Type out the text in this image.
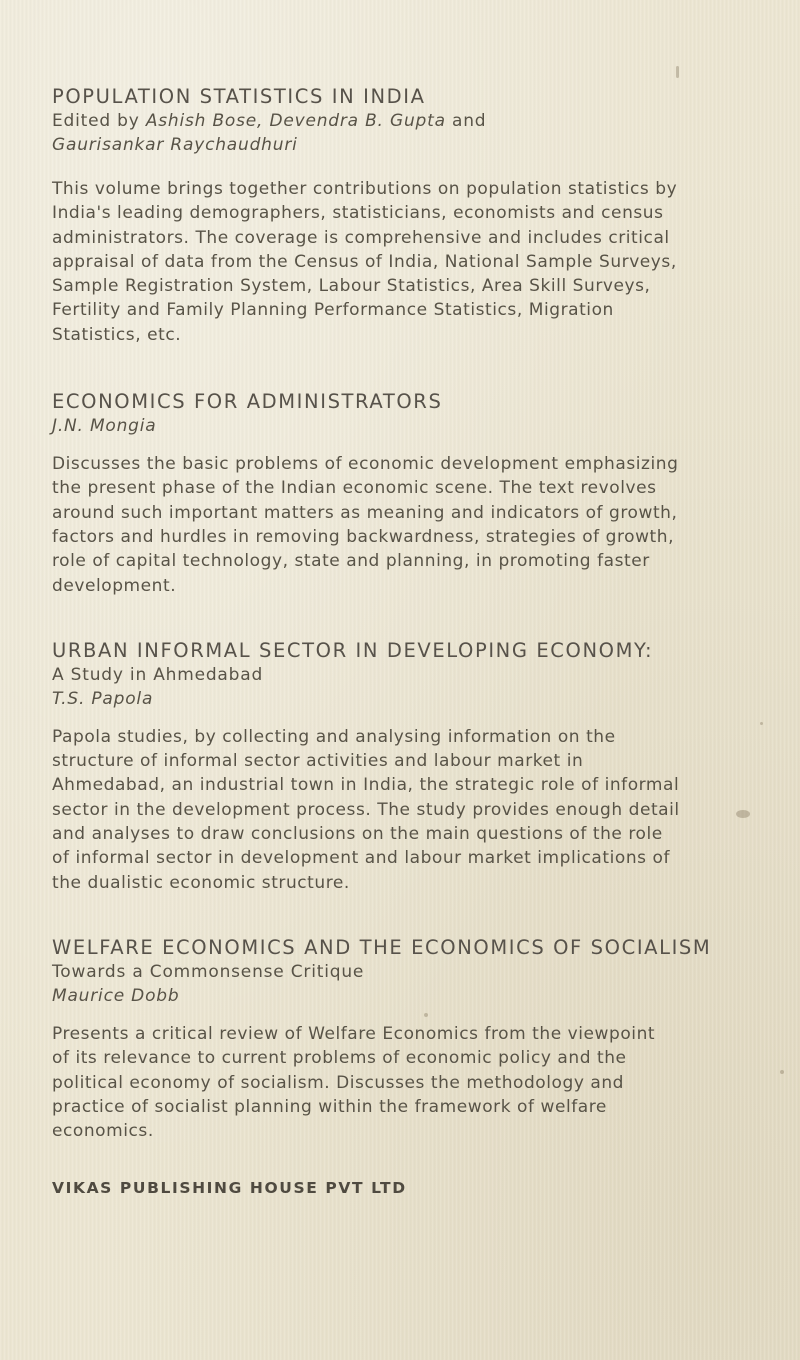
POPULATION STATISTICS IN INDIA

Edited by Ashish Bose, Devendra B. Gupta and

Gaurisankar Raychaudhuri

This volume brings together contributions on population statistics by
India's leading demographers, statisticians, economists and census
administrators. The coverage is comprehensive and includes critical
appraisal of data from the Census of India, National Sample Surveys,
Sample Registration System, Labour Statistics, Area Skill Surveys,
Fertility and Family Planning Performance Statistics, Migration
Statistics, etc.
ECONOMICS FOR ADMINISTRATORS

J.N. Mongia

Discusses the basic problems of economic development emphasizing
the present phase of the Indian economic scene. The text revolves
around such important matters as meaning and indicators of growth,
factors and hurdles in removing backwardness, strategies of growth,
role of capital technology, state and planning, in promoting faster
development.
URBAN INFORMAL SECTOR IN DEVELOPING ECONOMY:

A Study in Ahmedabad

T.S. Papola

Papola studies, by collecting and analysing information on the
structure of informal sector activities and labour market in
Ahmedabad, an industrial town in India, the strategic role of informal
sector in the development process. The study provides enough detail
and analyses to draw conclusions on the main questions of the role
of informal sector in development and labour market implications of
the dualistic economic structure.
WELFARE ECONOMICS AND THE ECONOMICS OF SOCIALISM

Towards a Commonsense Critique

Maurice Dobb

Presents a critical review of Welfare Economics from the viewpoint
of its relevance to current problems of economic policy and the
political economy of socialism. Discusses the methodology and
practice of socialist planning within the framework of welfare
economics.
VIKAS PUBLISHING HOUSE PVT LTD
